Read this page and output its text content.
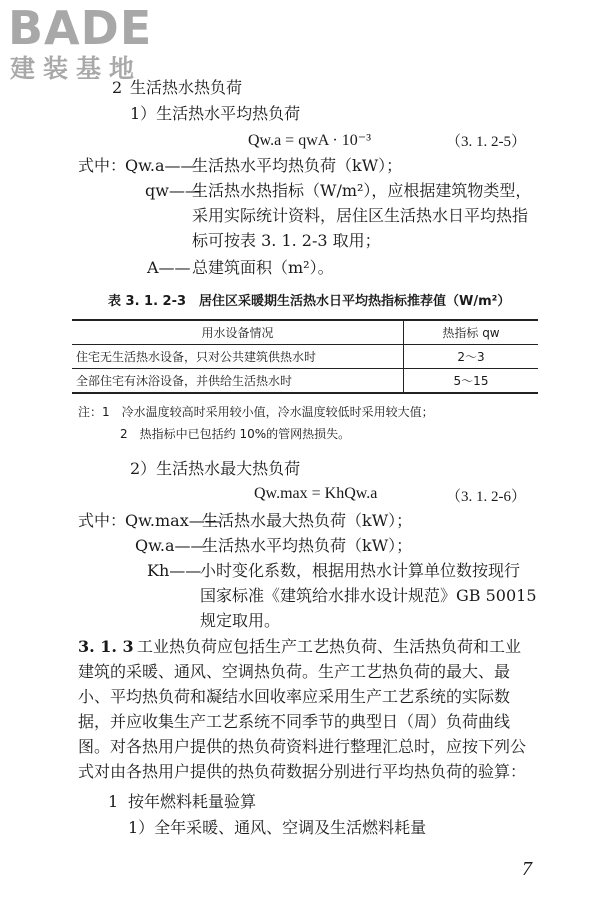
BADE
建装基地
2 生活热水热负荷
1）生活热水平均热负荷
Qw.a = qwA · 10⁻³	（3. 1. 2-5）
式中：
Qw.a——
生活热水平均热负荷（kW）；
qw——
生活热水热指标（W/m²），应根据建筑物类型，
采用实际统计资料，居住区生活热水日平均热指
标可按表 3. 1. 2-3 取用；
A—— 总建筑面积（m²）。
表 3. 1. 2-3　居住区采暖期生活热水日平均热指标推荐值（W/m²）
用水设备情况	热指标 qw
住宅无生活热水设备，只对公共建筑供热水时	2～3
全部住宅有沐浴设备，并供给生活热水时	5～15
注：1　冷水温度较高时采用较小值，冷水温度较低时采用较大值；
2　热指标中已包括约 10%的管网热损失。
2）生活热水最大热负荷
Qw.max = KhQw.a	（3. 1. 2-6）
式中：
Qw.max——
生活热水最大热负荷（kW）；
Qw.a——
生活热水平均热负荷（kW）；
Kh——
小时变化系数，根据用热水计算单位数按现行
国家标准《建筑给水排水设计规范》GB 50015
规定取用。
3. 1. 3 工业热负荷应包括生产工艺热负荷、生活热负荷和工业
建筑的采暖、通风、空调热负荷。生产工艺热负荷的最大、最
小、平均热负荷和凝结水回收率应采用生产工艺系统的实际数
据，并应收集生产工艺系统不同季节的典型日（周）负荷曲线
图。对各热用户提供的热负荷资料进行整理汇总时，应按下列公
式对由各热用户提供的热负荷数据分别进行平均热负荷的验算：
1 按年燃料耗量验算
1）全年采暖、通风、空调及生活燃料耗量
7
